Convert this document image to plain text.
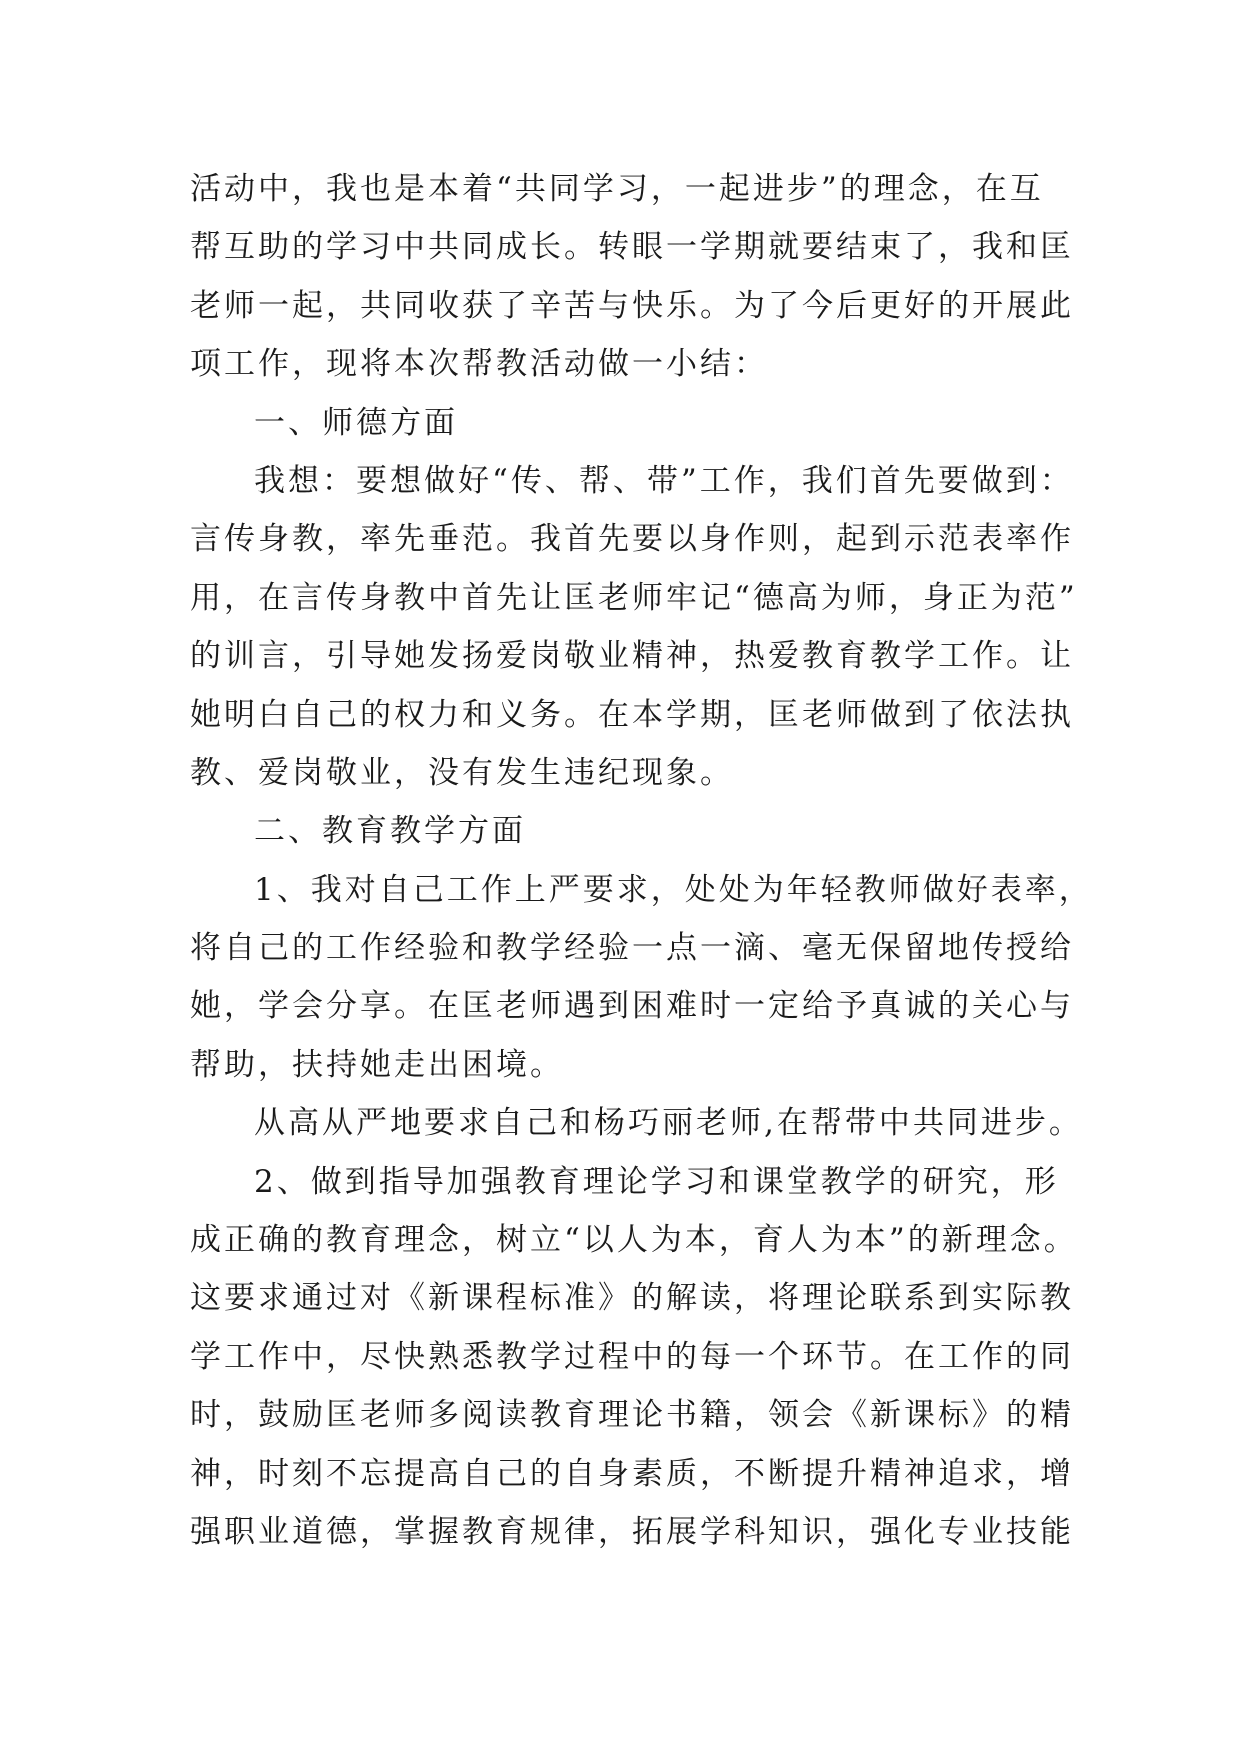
活动中，我也是本着“共同学习，一起进步”的理念，在互
帮互助的学习中共同成长。转眼一学期就要结束了，我和匡
老师一起，共同收获了辛苦与快乐。为了今后更好的开展此
项工作，现将本次帮教活动做一小结：
一、师德方面
我想：要想做好“传、帮、带”工作，我们首先要做到：
言传身教，率先垂范。我首先要以身作则，起到示范表率作
用，在言传身教中首先让匡老师牢记“德高为师，身正为范”
的训言，引导她发扬爱岗敬业精神，热爱教育教学工作。让
她明白自己的权力和义务。在本学期，匡老师做到了依法执
教、爱岗敬业，没有发生违纪现象。
二、教育教学方面
1、我对自己工作上严要求，处处为年轻教师做好表率，
将自己的工作经验和教学经验一点一滴、毫无保留地传授给
她，学会分享。在匡老师遇到困难时一定给予真诚的关心与
帮助，扶持她走出困境。
从高从严地要求自己和杨巧丽老师,在帮带中共同进步。
2、做到指导加强教育理论学习和课堂教学的研究，形
成正确的教育理念，树立“以人为本，育人为本”的新理念。
这要求通过对《新课程标准》的解读，将理论联系到实际教
学工作中，尽快熟悉教学过程中的每一个环节。在工作的同
时，鼓励匡老师多阅读教育理论书籍，领会《新课标》的精
神，时刻不忘提高自己的自身素质，不断提升精神追求，增
强职业道德，掌握教育规律，拓展学科知识，强化专业技能
